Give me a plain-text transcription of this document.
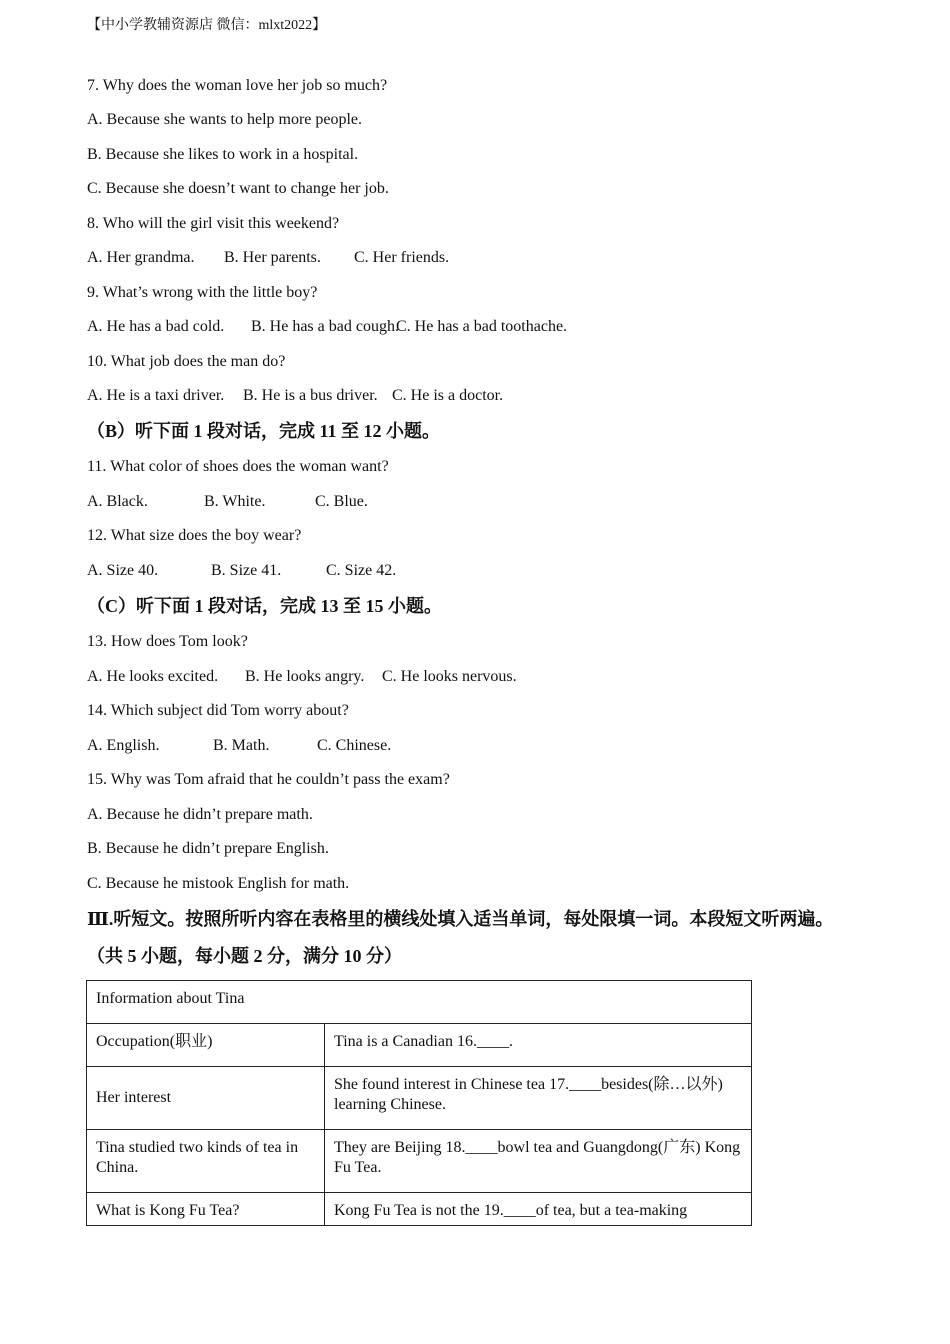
【中小学教辅资源店 微信：mlxt2022】
7. Why does the woman love her job so much?
A. Because she wants to help more people.
B. Because she likes to work in a hospital.
C. Because she doesn’t want to change her job.
8. Who will the girl visit this weekend?
A. Her grandma. B. Her parents. C. Her friends.
9. What’s wrong with the little boy?
A. He has a bad cold. B. He has a bad cough.C. He has a bad toothache.
10. What job does the man do?
A. He is a taxi driver. B. He is a bus driver. C. He is a doctor.
（B）听下面 1 段对话，完成 11 至 12 小题。
11. What color of shoes does the woman want?
A. Black.	B. White.	C. Blue.
12. What size does the boy wear?
A. Size 40.	B. Size 41.	C. Size 42.
（C）听下面 1 段对话，完成 13 至 15 小题。
13. How does Tom look?
A. He looks excited. B. He looks angry. C. He looks nervous.
14. Which subject did Tom worry about?
A. English.	B. Math.	C. Chinese.
15. Why was Tom afraid that he couldn’t pass the exam?
A. Because he didn’t prepare math.
B. Because he didn’t prepare English.
C. Because he mistook English for math.
Ⅲ.听短文。按照所听内容在表格里的横线处填入适当单词，每处限填一词。本段短文听两遍。
（共 5 小题，每小题 2 分，满分 10 分）
Information about Tina	
Occupation(职业)	Tina is a Canadian 16.____.
Her interest	She found interest in Chinese tea 17.____besides(除…以外) learning Chinese.
Tina studied two kinds of tea in China.	They are Beijing 18.____bowl tea and Guangdong(广东) Kong Fu Tea.
What is Kong Fu Tea?	Kong Fu Tea is not the 19.____of tea, but a tea-making
